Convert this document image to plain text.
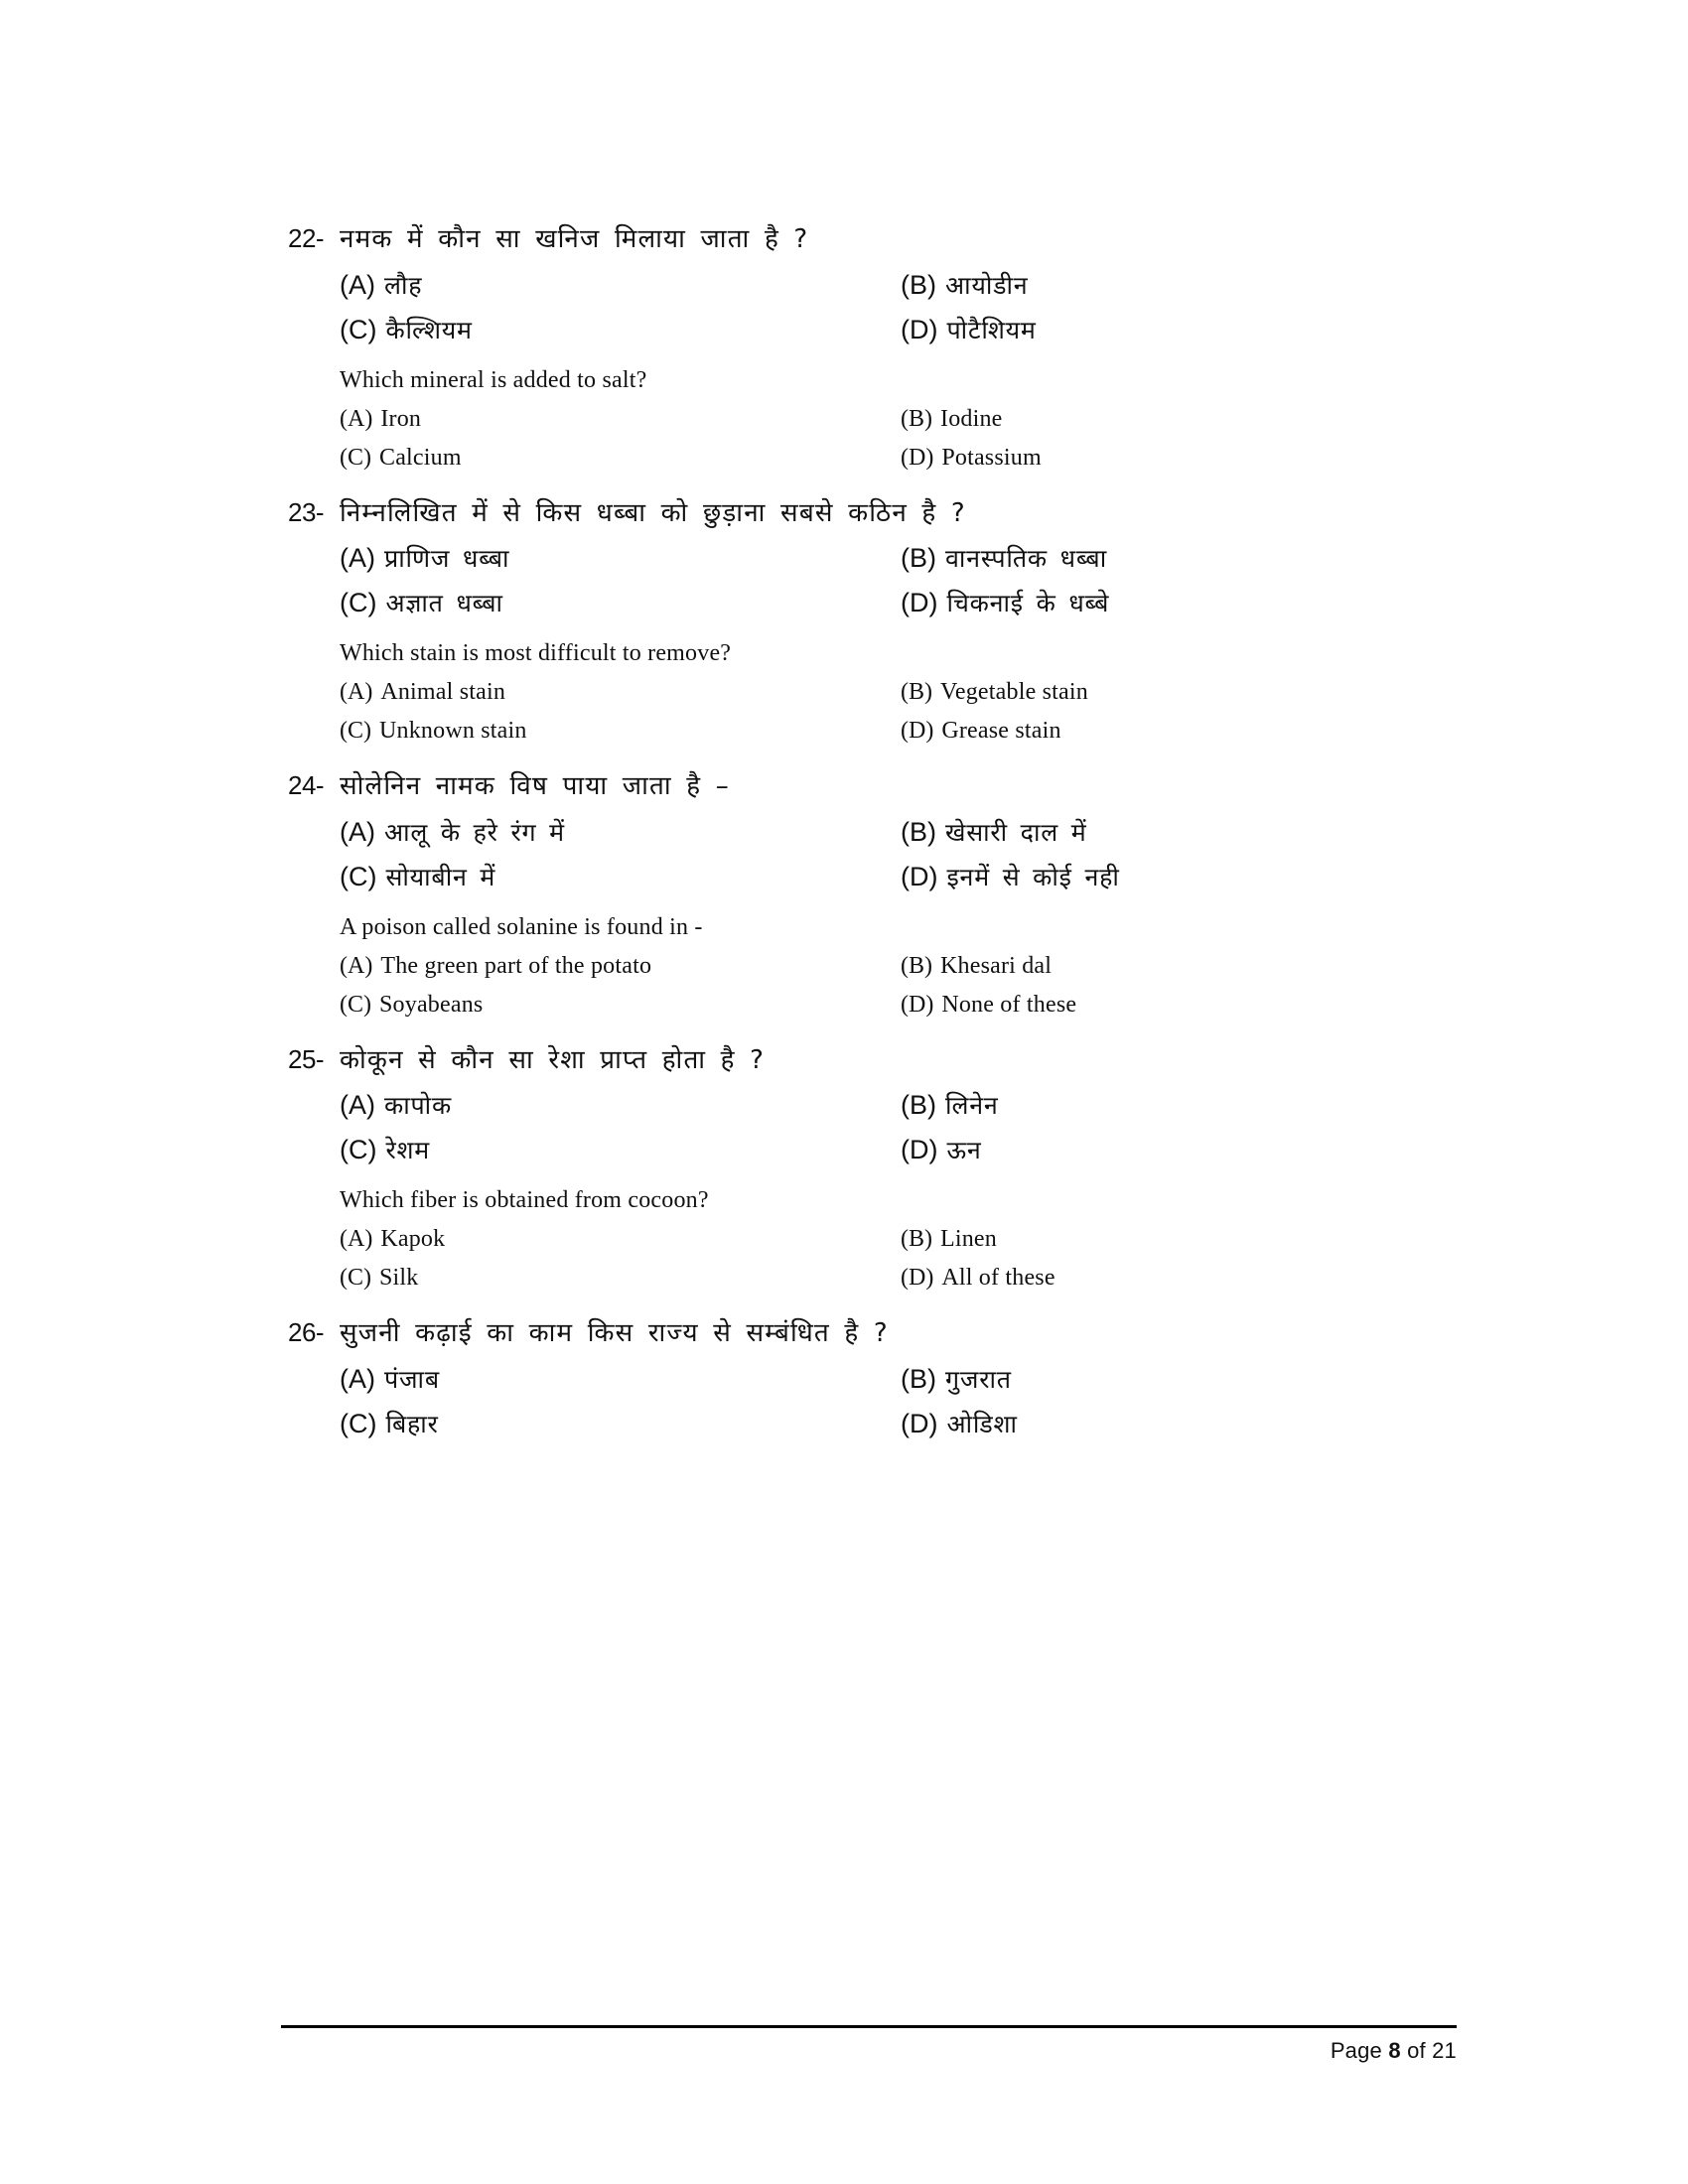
22- नमक में कौन सा खनिज मिलाया जाता है ?
(A) लौह	(B) आयोडीन
(C) कैल्शियम	(D) पोटैशियम
Which mineral is added to salt?
(A) Iron	(B) Iodine
(C) Calcium	(D) Potassium
23- निम्नलिखित में से किस धब्बा को छुड़ाना सबसे कठिन है ?
(A) प्राणिज धब्बा	(B) वानस्पतिक धब्बा
(C) अज्ञात धब्बा	(D) चिकनाई के धब्बे
Which stain is most difficult to remove?
(A) Animal stain	(B) Vegetable stain
(C) Unknown stain	(D) Grease stain
24- सोलेनिन नामक विष पाया जाता है –
(A) आलू के हरे रंग में	(B) खेसारी दाल में
(C) सोयाबीन में	(D) इनमें से कोई नही
A poison called solanine is found in -
(A) The green part of the potato	(B) Khesari dal
(C) Soyabeans	(D) None of these
25- कोकून से कौन सा रेशा प्राप्त होता है ?
(A) कापोक	(B) लिनेन
(C) रेशम	(D) ऊन
Which fiber is obtained from cocoon?
(A) Kapok	(B) Linen
(C) Silk	(D) All of these
26- सुजनी कढ़ाई का काम किस राज्य से सम्बंधित है ?
(A) पंजाब	(B) गुजरात
(C) बिहार	(D) ओडिशा
Page 8 of 21
